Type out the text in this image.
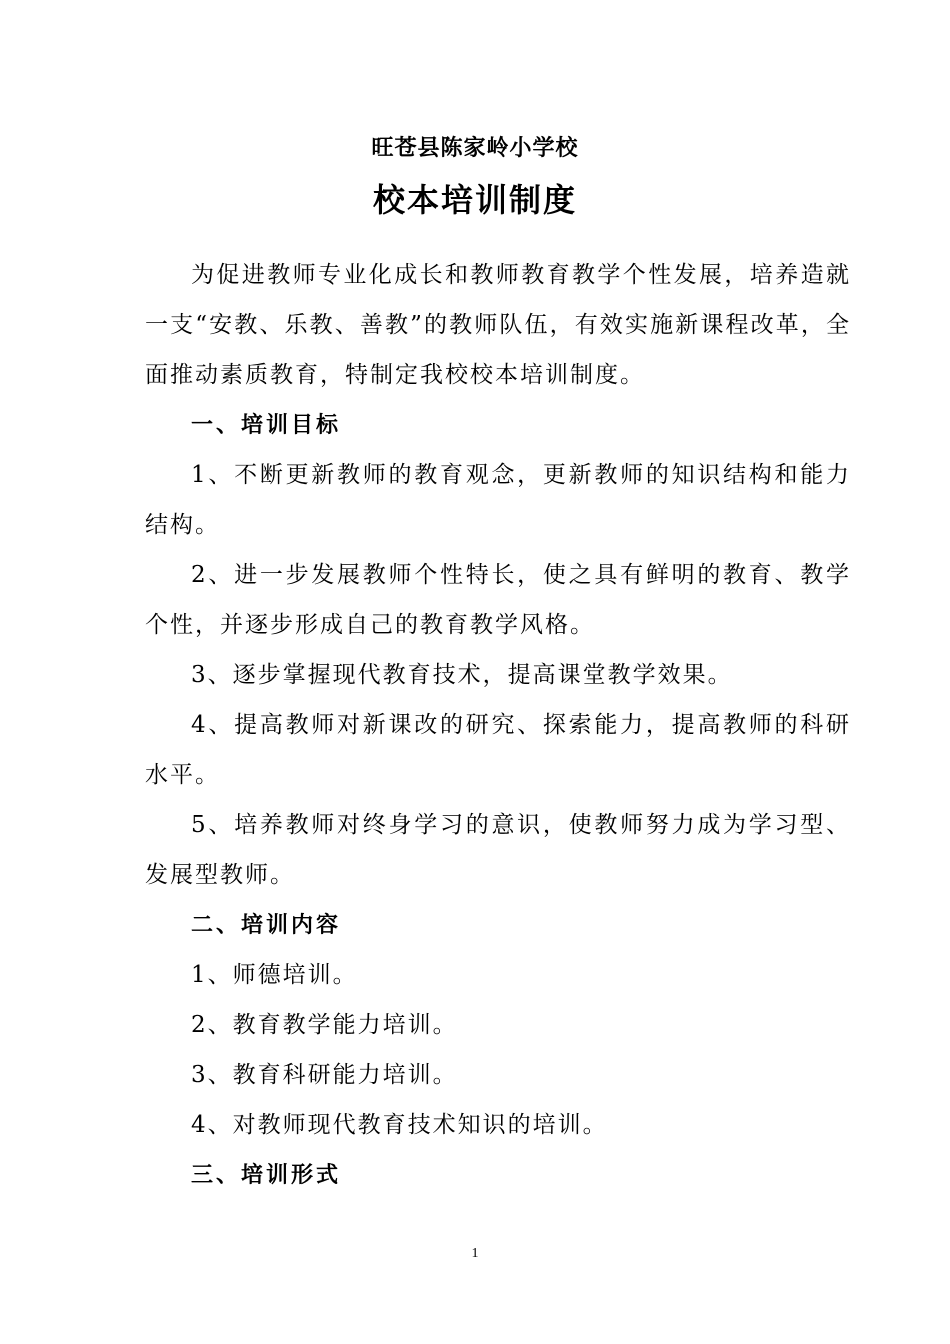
旺苍县陈家岭小学校
校本培训制度

为促进教师专业化成长和教师教育教学个性发展，培养造就一支“安教、乐教、善教”的教师队伍，有效实施新课程改革，全面推动素质教育，特制定我校校本培训制度。

一、培训目标

1、不断更新教师的教育观念，更新教师的知识结构和能力结构。

2、进一步发展教师个性特长，使之具有鲜明的教育、教学个性，并逐步形成自己的教育教学风格。

3、逐步掌握现代教育技术，提高课堂教学效果。

4、提高教师对新课改的研究、探索能力，提高教师的科研水平。

5、培养教师对终身学习的意识，使教师努力成为学习型、发展型教师。

二、培训内容

1、师德培训。

2、教育教学能力培训。

3、教育科研能力培训。

4、对教师现代教育技术知识的培训。

三、培训形式

1
